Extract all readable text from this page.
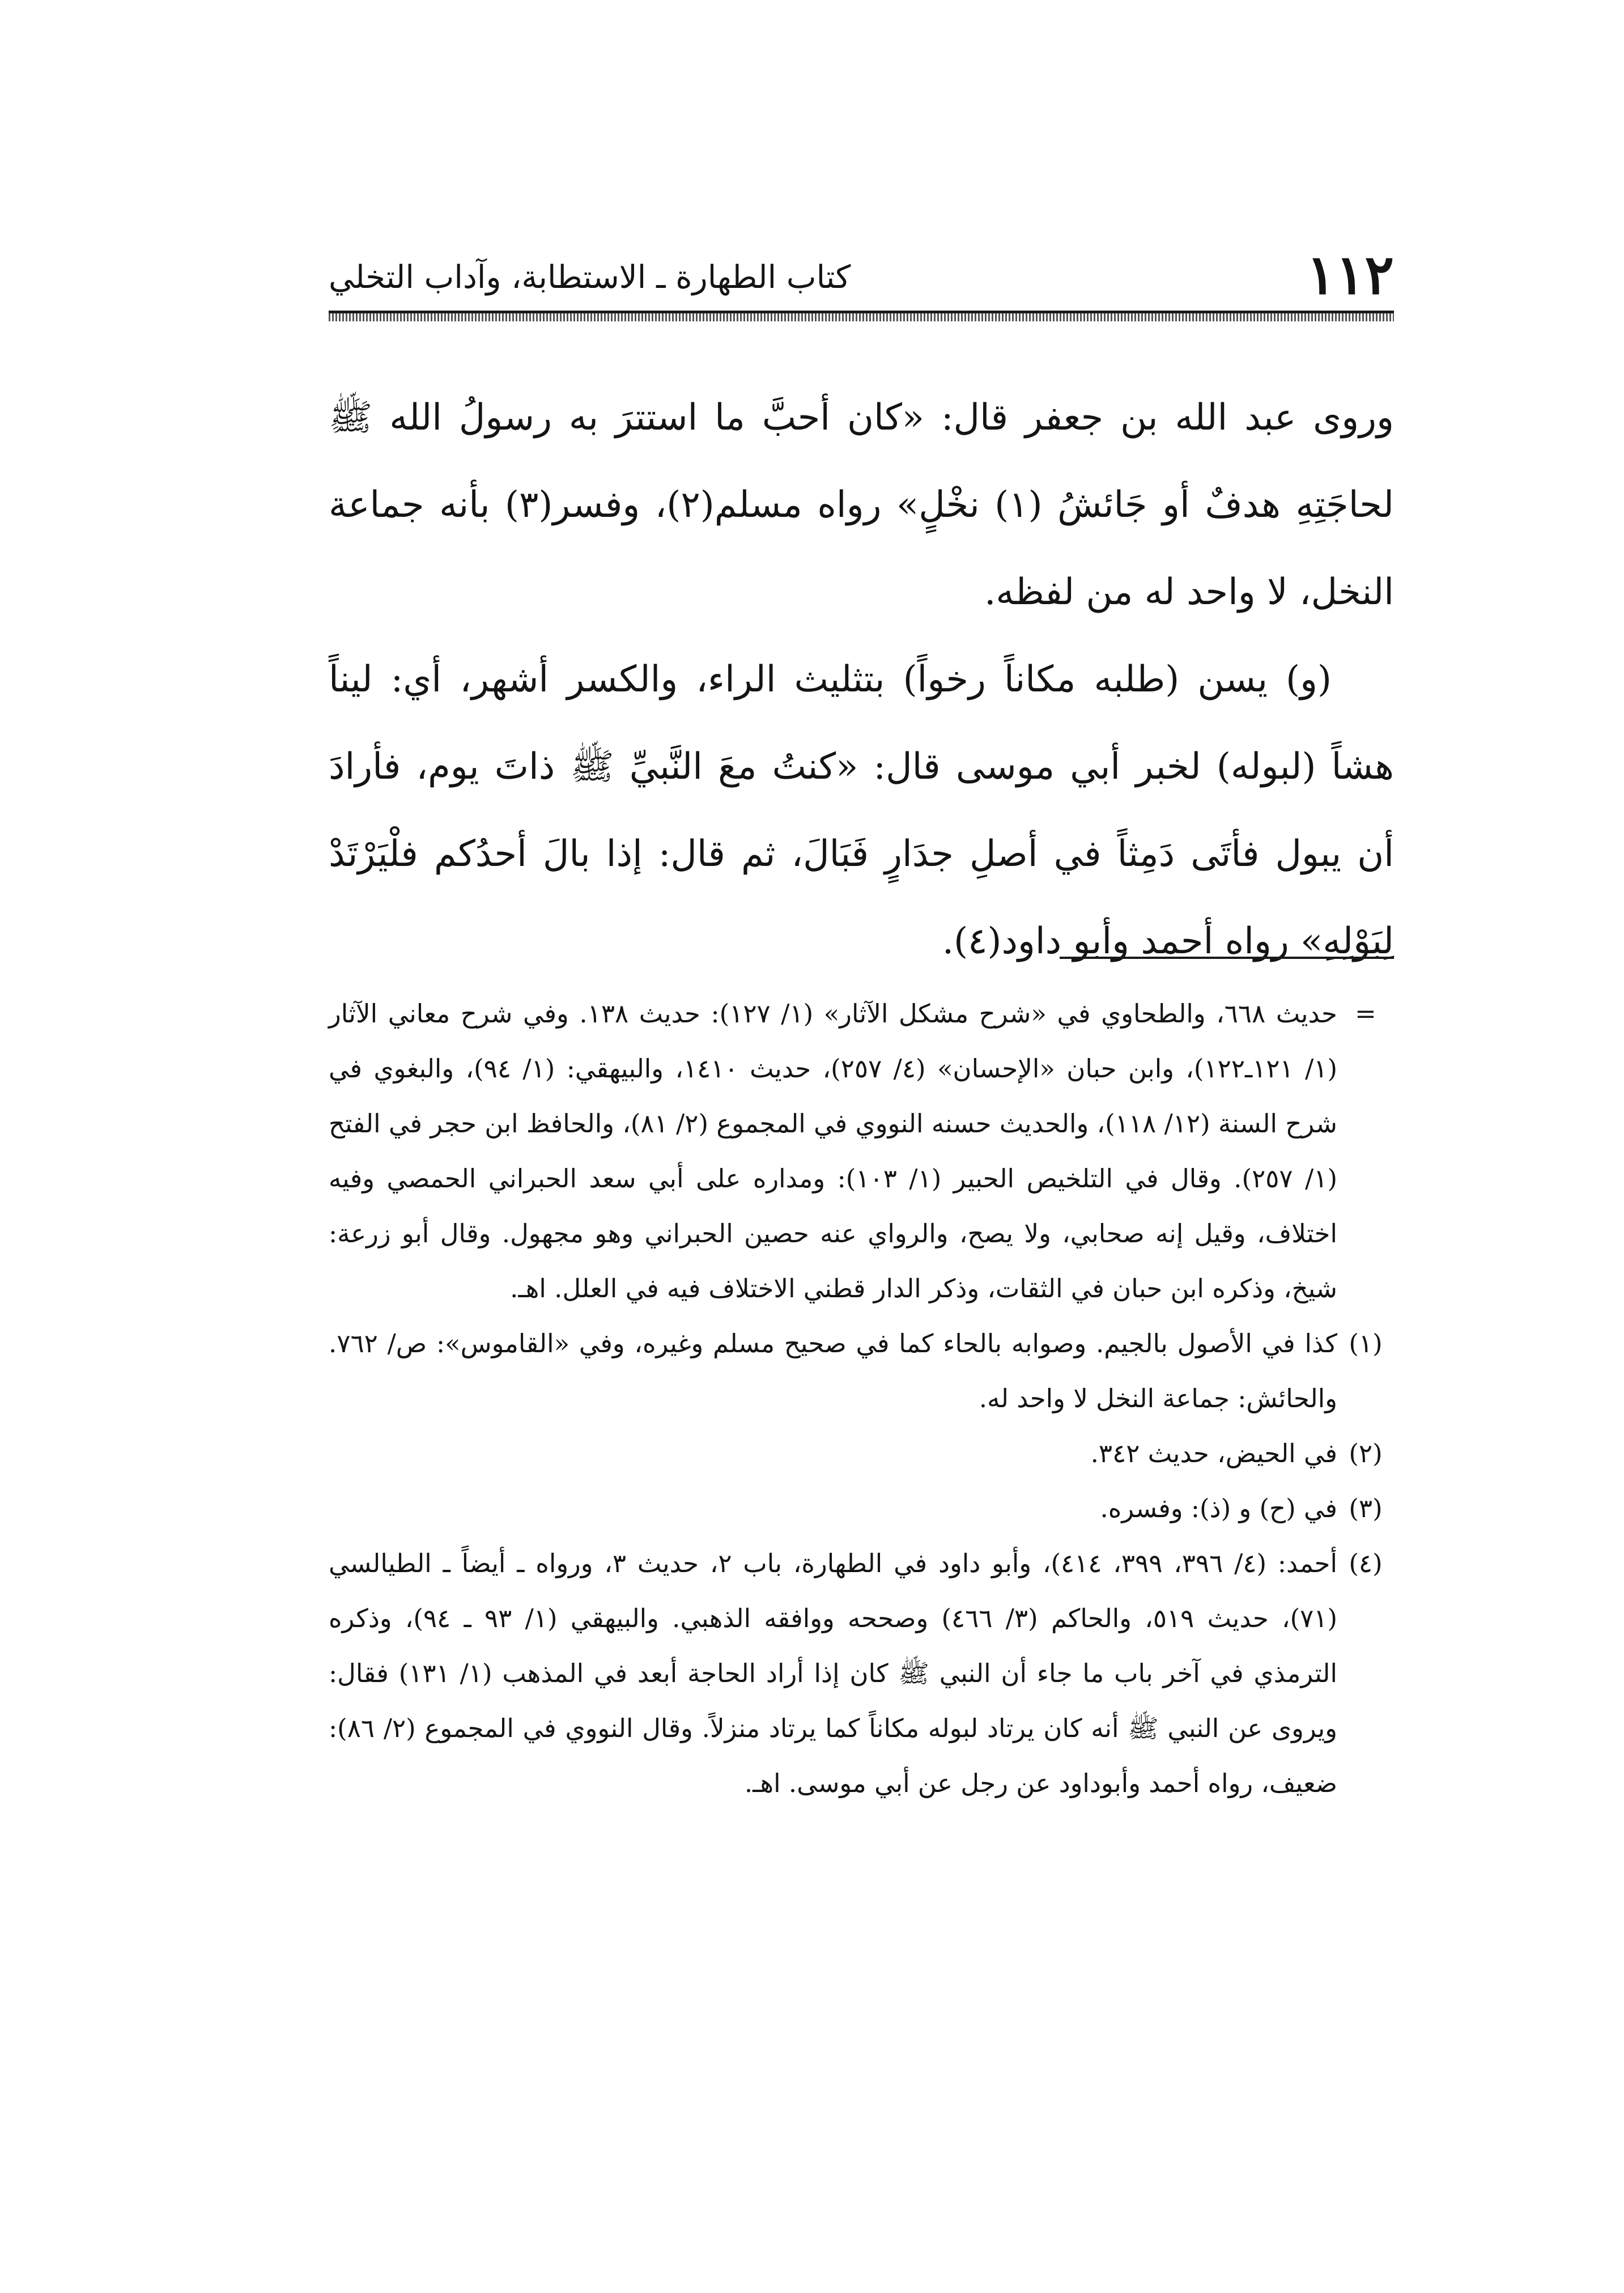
١١٢
كتاب الطهارة ـ الاستطابة، وآداب التخلي

وروى عبد الله بن جعفر قال: «كان أحبَّ ما استترَ به رسولُ الله ﷺ لحاجَتِهِ هدفٌ أو جَائشُ (١) نخْلٍ» رواه مسلم(٢)، وفسر(٣) بأنه جماعة النخل، لا واحد له من لفظه.

(و) يسن (طلبه مكاناً رخواً) بتثليث الراء، والكسر أشهر، أي: ليناً هشاً (لبوله) لخبر أبي موسى قال: «كنتُ معَ النَّبيِّ ﷺ ذاتَ يوم، فأرادَ أن يبول فأتَى دَمِثاً في أصلِ جدَارٍ فَبَالَ، ثم قال: إذا بالَ أحدُكم فلْيَرْتَدْ لِبَوْلِهِ» رواه أحمد وأبو داود(٤).

=
حديث ٦٦٨، والطحاوي في «شرح مشكل الآثار» (١/ ١٢٧): حديث ١٣٨. وفي شرح معاني الآثار (١/ ١٢١ـ١٢٢)، وابن حبان «الإحسان» (٤/ ٢٥٧)، حديث ١٤١٠، والبيهقي: (١/ ٩٤)، والبغوي في شرح السنة (١٢/ ١١٨)، والحديث حسنه النووي في المجموع (٢/ ٨١)، والحافظ ابن حجر في الفتح (١/ ٢٥٧). وقال في التلخيص الحبير (١/ ١٠٣): ومداره على أبي سعد الحبراني الحمصي وفيه اختلاف، وقيل إنه صحابي، ولا يصح، والرواي عنه حصين الحبراني وهو مجهول. وقال أبو زرعة: شيخ، وذكره ابن حبان في الثقات، وذكر الدار قطني الاختلاف فيه في العلل. اهـ.
(١)
كذا في الأصول بالجيم. وصوابه بالحاء كما في صحيح مسلم وغيره، وفي «القاموس»: ص/ ٧٦٢. والحائش: جماعة النخل لا واحد له.
(٢)
في الحيض، حديث ٣٤٢.
(٣)
في (ح) و (ذ): وفسره.
(٤)
أحمد: (٤/ ٣٩٦، ٣٩٩، ٤١٤)، وأبو داود في الطهارة، باب ٢، حديث ٣، ورواه ـ أيضاً ـ الطيالسي (٧١)، حديث ٥١٩، والحاكم (٣/ ٤٦٦) وصححه ووافقه الذهبي. والبيهقي (١/ ٩٣ ـ ٩٤)، وذكره الترمذي في آخر باب ما جاء أن النبي ﷺ كان إذا أراد الحاجة أبعد في المذهب (١/ ١٣١) فقال: ويروى عن النبي ﷺ أنه كان يرتاد لبوله مكاناً كما يرتاد منزلاً. وقال النووي في المجموع (٢/ ٨٦): ضعيف، رواه أحمد وأبوداود عن رجل عن أبي موسى. اهـ.
